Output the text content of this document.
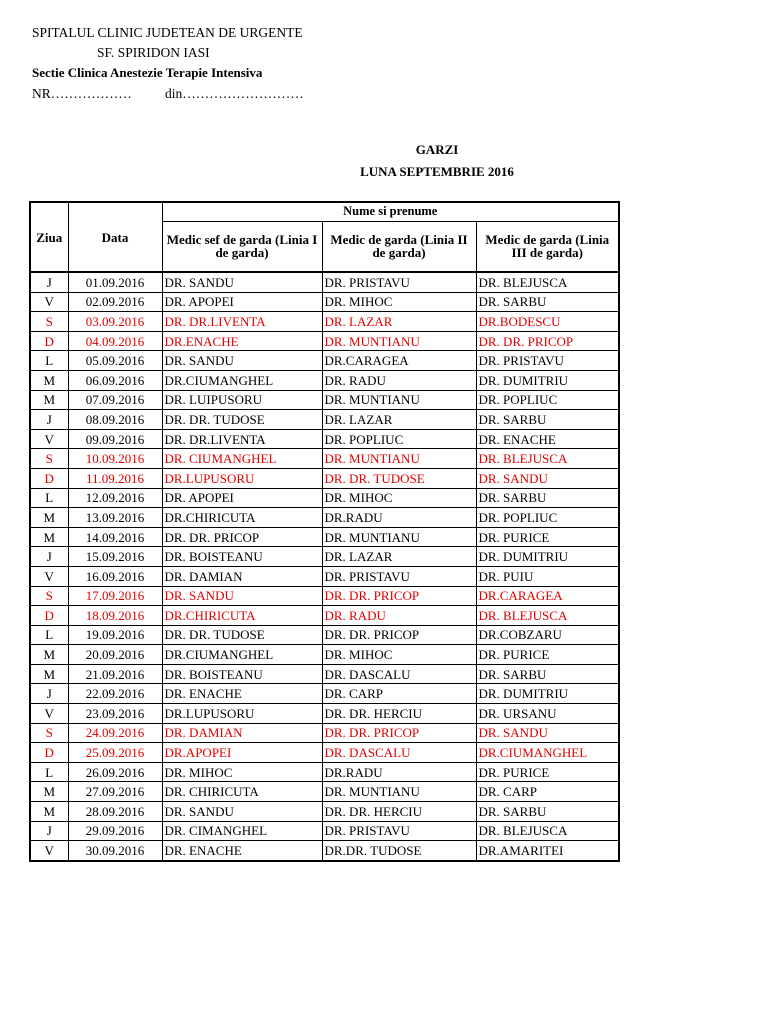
SPITALUL CLINIC JUDETEAN DE URGENTE
SF. SPIRIDON IASI
Sectie Clinica Anestezie Terapie Intensiva
NR……………… din………………………
GARZI
LUNA SEPTEMBRIE 2016
Ziua	Data	Nume si prenume		
		Medic sef de garda (Linia I de garda)	Medic de garda (Linia II de garda)	Medic de garda (Linia III de garda)
J	01.09.2016	DR. SANDU	DR. PRISTAVU	DR. BLEJUSCA
V	02.09.2016	DR. APOPEI	DR. MIHOC	DR. SARBU
S	03.09.2016	DR. DR.LIVENTA	DR. LAZAR	DR.BODESCU
D	04.09.2016	DR.ENACHE	DR. MUNTIANU	DR. DR. PRICOP
L	05.09.2016	DR. SANDU	DR.CARAGEA	DR. PRISTAVU
M	06.09.2016	DR.CIUMANGHEL	DR. RADU	DR. DUMITRIU
M	07.09.2016	DR. LUIPUSORU	DR. MUNTIANU	DR. POPLIUC
J	08.09.2016	DR. DR. TUDOSE	DR. LAZAR	DR. SARBU
V	09.09.2016	DR. DR.LIVENTA	DR. POPLIUC	DR. ENACHE
S	10.09.2016	DR. CIUMANGHEL	DR. MUNTIANU	DR. BLEJUSCA
D	11.09.2016	DR.LUPUSORU	DR. DR. TUDOSE	DR. SANDU
L	12.09.2016	DR. APOPEI	DR. MIHOC	DR. SARBU
M	13.09.2016	DR.CHIRICUTA	DR.RADU	DR. POPLIUC
M	14.09.2016	DR. DR. PRICOP	DR. MUNTIANU	DR. PURICE
J	15.09.2016	DR. BOISTEANU	DR. LAZAR	DR. DUMITRIU
V	16.09.2016	DR. DAMIAN	DR. PRISTAVU	DR. PUIU
S	17.09.2016	DR. SANDU	DR. DR. PRICOP	DR.CARAGEA
D	18.09.2016	DR.CHIRICUTA	DR. RADU	DR. BLEJUSCA
L	19.09.2016	DR. DR. TUDOSE	DR. DR. PRICOP	DR.COBZARU
M	20.09.2016	DR.CIUMANGHEL	DR. MIHOC	DR. PURICE
M	21.09.2016	DR. BOISTEANU	DR. DASCALU	DR. SARBU
J	22.09.2016	DR. ENACHE	DR. CARP	DR. DUMITRIU
V	23.09.2016	DR.LUPUSORU	DR. DR. HERCIU	DR. URSANU
S	24.09.2016	DR. DAMIAN	DR. DR. PRICOP	DR. SANDU
D	25.09.2016	DR.APOPEI	DR. DASCALU	DR.CIUMANGHEL
L	26.09.2016	DR. MIHOC	DR.RADU	DR. PURICE
M	27.09.2016	DR. CHIRICUTA	DR. MUNTIANU	DR. CARP
M	28.09.2016	DR. SANDU	DR. DR. HERCIU	DR. SARBU
J	29.09.2016	DR. CIMANGHEL	DR. PRISTAVU	DR. BLEJUSCA
V	30.09.2016	DR. ENACHE	DR.DR. TUDOSE	DR.AMARITEI
